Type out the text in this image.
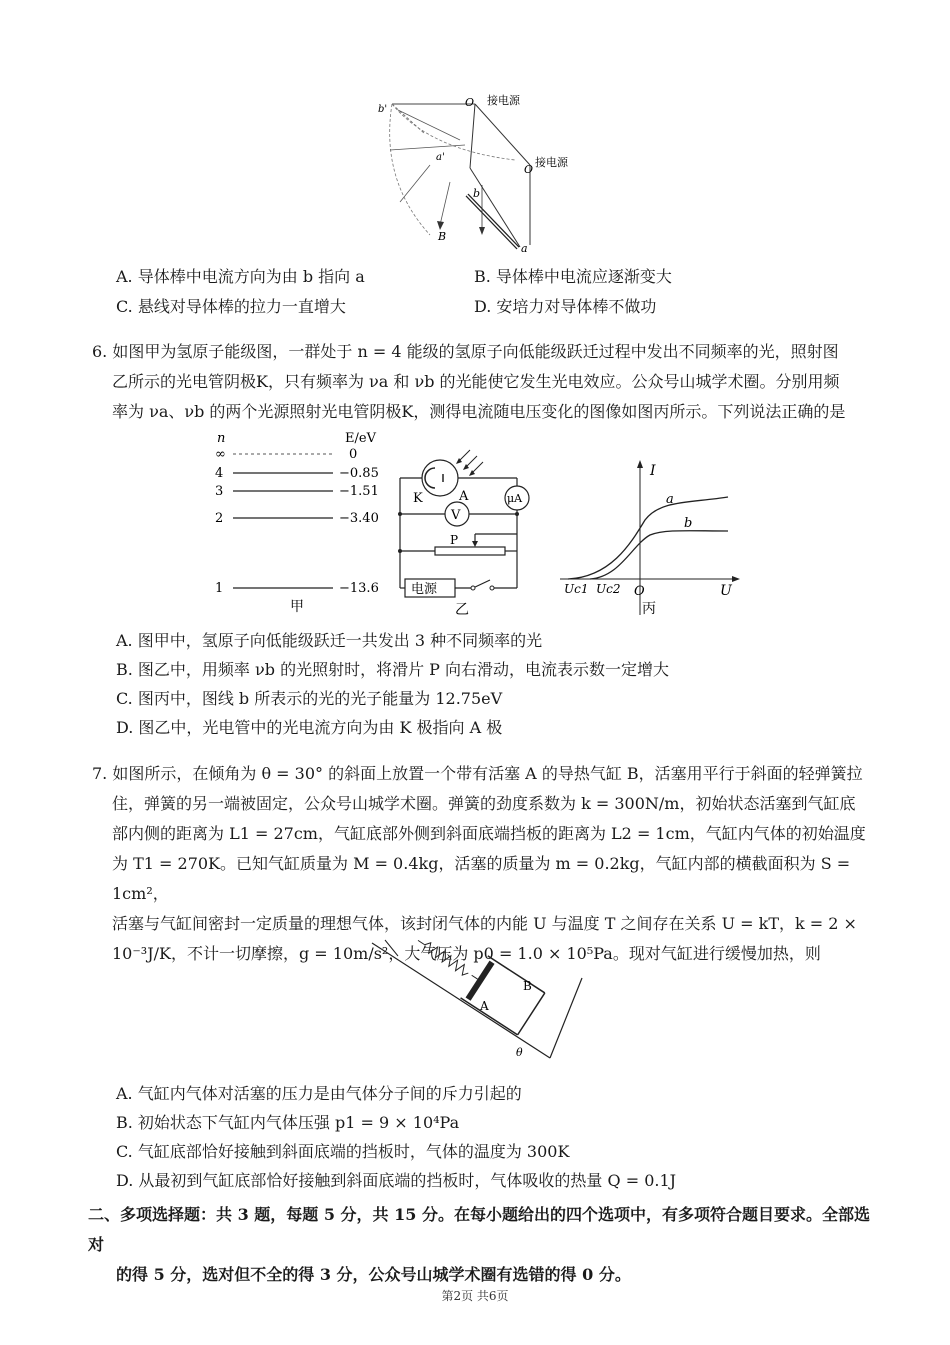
O 接电源
O
接电源
b'
a'
b
a
B
A. 导体棒中电流方向为由 b 指向 a	B. 导体棒中电流应逐渐变大
C. 悬线对导体棒的拉力一直增大	D. 安培力对导体棒不做功
6. 如图甲为氢原子能级图，一群处于 n = 4 能级的氢原子向低能级跃迁过程中发出不同频率的光，照射图
乙所示的光电管阴极K，只有频率为 νa 和 νb 的光能使它发生光电效应。公众号山城学术圈。分别用频
率为 νa、νb 的两个光源照射光电管阴极K，测得电流随电压变化的图像如图丙所示。下列说法正确的是
n	E/eV
∞	0
4	−0.85
3	−1.51
2	−3.40
1	−13.6
甲
μA
V
P
电源
K	A
乙
I
U
O
Uc1 Uc2
a
b
丙
A. 图甲中，氢原子向低能级跃迁一共发出 3 种不同频率的光
B. 图乙中，用频率 νb 的光照射时，将滑片 P 向右滑动，电流表示数一定增大
C. 图丙中，图线 b 所表示的光的光子能量为 12.75eV
D. 图乙中，光电管中的光电流方向为由 K 极指向 A 极
7. 如图所示，在倾角为 θ = 30° 的斜面上放置一个带有活塞 A 的导热气缸 B，活塞用平行于斜面的轻弹簧拉
住，弹簧的另一端被固定，公众号山城学术圈。弹簧的劲度系数为 k = 300N/m，初始状态活塞到气缸底
部内侧的距离为 L1 = 27cm，气缸底部外侧到斜面底端挡板的距离为 L2 = 1cm，气缸内气体的初始温度
为 T1 = 270K。已知气缸质量为 M = 0.4kg，活塞的质量为 m = 0.2kg，气缸内部的横截面积为 S = 1cm²，
活塞与气缸间密封一定质量的理想气体，该封闭气体的内能 U 与温度 T 之间存在关系 U = kT，k = 2 ×
10⁻³J/K，不计一切摩擦，g = 10m/s²，大气压为 p0 = 1.0 × 10⁵Pa。现对气缸进行缓慢加热，则
A
B
θ
A. 气缸内气体对活塞的压力是由气体分子间的斥力引起的
B. 初始状态下气缸内气体压强 p1 = 9 × 10⁴Pa
C. 气缸底部恰好接触到斜面底端的挡板时，气体的温度为 300K
D. 从最初到气缸底部恰好接触到斜面底端的挡板时，气体吸收的热量 Q = 0.1J
二、多项选择题：共 3 题，每题 5 分，共 15 分。在每小题给出的四个选项中，有多项符合题目要求。全部选对
的得 5 分，选对但不全的得 3 分，公众号山城学术圈有选错的得 0 分。
第2页 共6页
